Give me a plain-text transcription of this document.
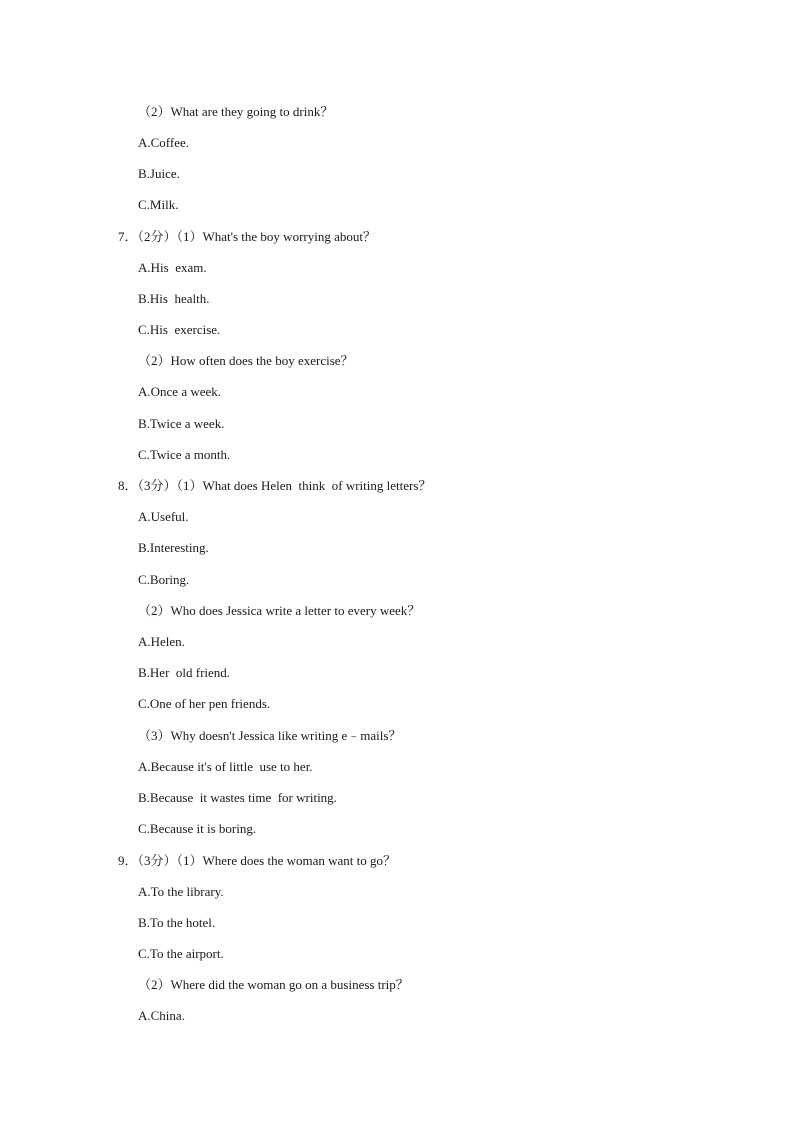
（2）What are they going to drink？
A.Coffee.
B.Juice.
C.Milk.
7．（2分）（1）What's the boy worrying about？
A.His  exam.
B.His  health.
C.His  exercise.
（2）How often does the boy exercise？
A.Once a week.
B.Twice a week.
C.Twice a month.
8．（3分）（1）What does Helen  think  of writing letters？
A.Useful.
B.Interesting.
C.Boring.
（2）Who does Jessica write a letter to every week？
A.Helen.
B.Her  old friend.
C.One of her pen friends.
（3）Why doesn't Jessica like writing e﹣mails？
A.Because it's of little  use to her.
B.Because  it wastes time  for writing.
C.Because it is boring.
9．（3分）（1）Where does the woman want to go？
A.To the library.
B.To the hotel.
C.To the airport.
（2）Where did the woman go on a business trip？
A.China.
